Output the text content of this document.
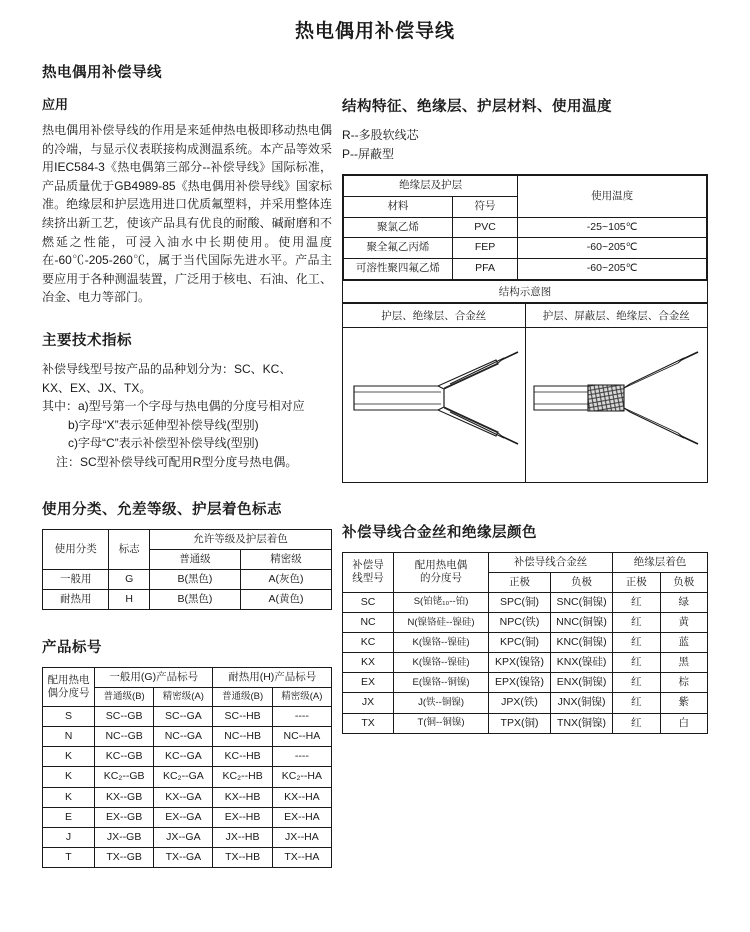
热电偶用补偿导线
热电偶用补偿导线
应用

热电偶用补偿导线的作用是来延伸热电极即移动热电偶的冷端，与显示仪表联接构成测温系统。本产品等效采用IEC584-3《热电偶第三部分--补偿导线》国际标准，产品质量优于GB4989-85《热电偶用补偿导线》国家标准。绝缘层和护层选用进口优质氟塑料，并采用整体连续挤出新工艺，使该产品具有优良的耐酸、碱耐磨和不燃延之性能，可浸入油水中长期使用。使用温度在-60℃-205-260℃，属于当代国际先进水平。产品主要应用于各种测温装置，广泛用于核电、石油、化工、冶金、电力等部门。

主要技术指标
补偿导线型号按产品的品种划分为：SC、KC、
KX、EX、JX、TX。
其中：a)型号第一个字母与热电偶的分度号相对应
b)字母“X”表示延伸型补偿导线(型别)
c)字母“C”表示补偿型补偿导线(型别)
注：SC型补偿导线可配用R型分度号热电偶。
使用分类、允差等级、护层着色标志
使用分类	标志	允许等级及护层着色	
		普通级	精密级
一般用	G	B(黑色)	A(灰色)
耐热用	H	B(黑色)	A(黄色)
产品标号
配用热电
偶分度号	一般用(G)产品标号		耐热用(H)产品标号	
	普通级(B)	精密级(A)	普通级(B)	精密级(A)
S	SC--GB	SC--GA	SC--HB	----
N	NC--GB	NC--GA	NC--HB	NC--HA
K	KC--GB	KC--GA	KC--HB	----
K	KC₂--GB	KC₂--GA	KC₂--HB	KC₂--HA
K	KX--GB	KX--GA	KX--HB	KX--HA
E	EX--GB	EX--GA	EX--HB	EX--HA
J	JX--GB	JX--GA	JX--HB	JX--HA
T	TX--GB	TX--GA	TX--HB	TX--HA
结构特征、绝缘层、护层材料、使用温度
R--多股软线芯
P--屏蔽型
绝缘层及护层		使用温度
材料	符号	
聚氯乙烯	PVC	-25~105℃
聚全氟乙丙烯	FEP	-60~205℃
可溶性聚四氟乙烯	PFA	-60~205℃
结构示意图
护层、绝缘层、合金丝	护层、屏蔽层、绝缘层、合金丝
补偿导线合金丝和绝缘层颜色
补偿导
线型号	配用热电偶
的分度号	补偿导线合金丝		绝缘层着色	
		正极	负极	正极	负极
SC	S(铂铑₁₀--铂)	SPC(铜)	SNC(铜镍)	红	绿
NC	N(镍铬硅--镍硅)	NPC(铁)	NNC(铜镍)	红	黄
KC	K(镍铬--镍硅)	KPC(铜)	KNC(铜镍)	红	蓝
KX	K(镍铬--镍硅)	KPX(镍铬)	KNX(镍硅)	红	黑
EX	E(镍铬--铜镍)	EPX(镍铬)	ENX(铜镍)	红	棕
JX	J(铁--铜镍)	JPX(铁)	JNX(铜镍)	红	紫
TX	T(铜--铜镍)	TPX(铜)	TNX(铜镍)	红	白
